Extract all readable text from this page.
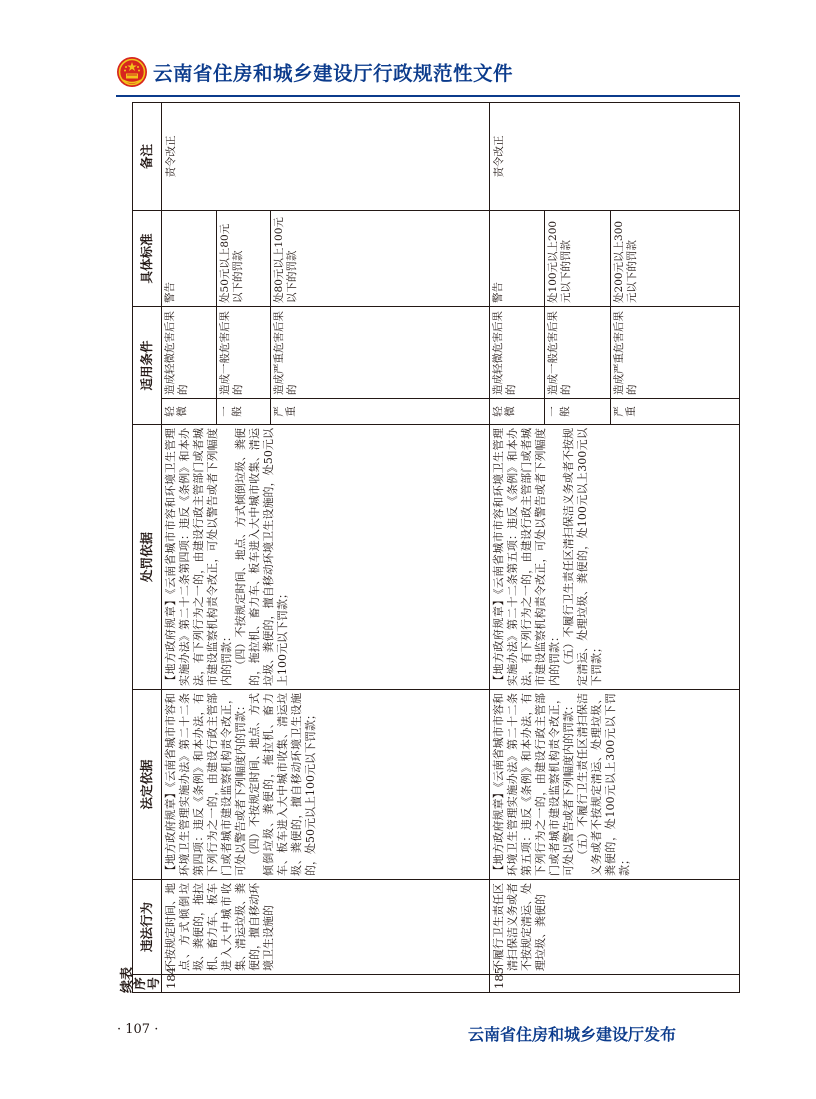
云南省住房和城乡建设厅行政规范性文件
续表
序号	违法行为	法定依据	处罚依据	适用条件		具体标准	备注
184	不按规定时间、地点、方式倾倒垃圾、粪便的，拖拉机、畜力车、板车进入大中城市收集、清运垃圾、粪便的，擅自移动环境卫生设施的	【地方政府规章】《云南省城市市容和环境卫生管理实施办法》第二十二条第四项：违反《条例》和本办法，有下列行为之一的，由建设行政主管部门或者城市建设监察机构责令改正，可处以警告或者下列幅度内的罚款： （四）不按规定时间、地点、方式倾倒垃圾、粪便的，拖拉机、畜力车、板车进入大中城市收集、清运垃圾、粪便的，擅自移动环境卫生设施的，处50元以上100元以下罚款；	【地方政府规章】《云南省城市市容和环境卫生管理实施办法》第二十二条第四项：违反《条例》和本办法，有下列行为之一的，由建设行政主管部门或者城市建设监察机构责令改正，可处以警告或者下列幅度内的罚款： （四）不按规定时间、地点、方式倾倒垃圾、粪便的，拖拉机、畜力车、板车进入大中城市收集、清运垃圾、粪便的，擅自移动环境卫生设施的，处50元以上100元以下罚款；	轻微	造成轻微危害后果的	警告	责令改正
				一般	造成一般危害后果的	处50元以上80元以下的罚款	
				严重	造成严重危害后果的	处80元以上100元以下的罚款	
185	不履行卫生责任区清扫保洁义务或者不按规定清运、处理垃圾、粪便的	【地方政府规章】《云南省城市市容和环境卫生管理实施办法》第二十二条第五项：违反《条例》和本办法，有下列行为之一的，由建设行政主管部门或者城市建设监察机构责令改正，可处以警告或者下列幅度内的罚款： （五）不履行卫生责任区清扫保洁义务或者不按规定清运、处理垃圾、粪便的，处100元以上300元以下罚款；	【地方政府规章】《云南省城市市容和环境卫生管理实施办法》第二十二条第五项：违反《条例》和本办法，有下列行为之一的，由建设行政主管部门或者城市建设监察机构责令改正，可处以警告或者下列幅度内的罚款： （五）不履行卫生责任区清扫保洁义务或者不按规定清运、处理垃圾、粪便的，处100元以上300元以下罚款；	轻微	造成轻微危害后果的	警告	责令改正
				一般	造成一般危害后果的	处100元以上200元以下的罚款	
				严重	造成严重危害后果的	处200元以上300元以下的罚款	
· 107 ·	云南省住房和城乡建设厅发布
